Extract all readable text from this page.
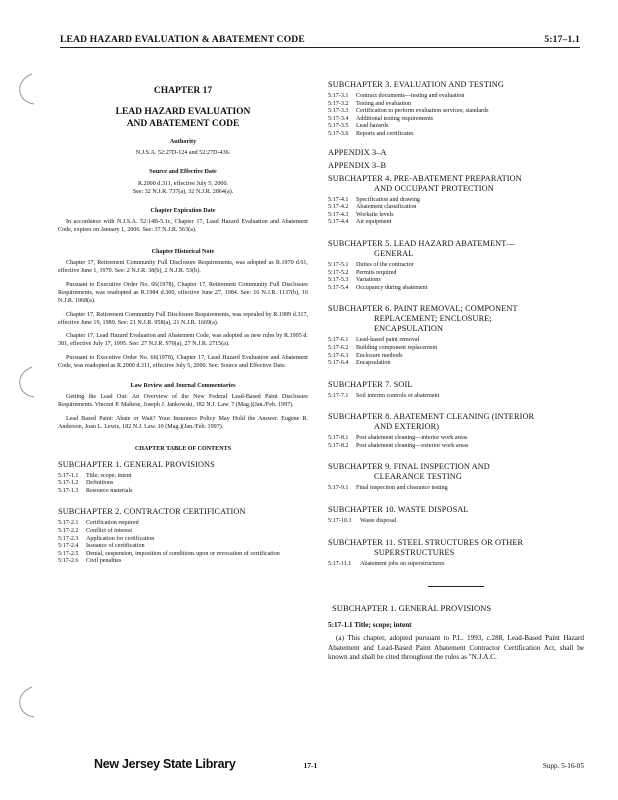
LEAD HAZARD EVALUATION & ABATEMENT CODE	5:17–1.1
CHAPTER 17
LEAD HAZARD EVALUATION
AND ABATEMENT CODE
Authority
N.J.S.A. 52:27D-124 and 52:27D-436.
Source and Effective Date
R.2000 d.311, effective July 5, 2000.
See: 32 N.J.R. 737(a), 32 N.J.R. 2864(a).
Chapter Expiration Date

In accordance with N.J.S.A. 52:14B-5.1c, Chapter 17, Lead Hazard Evaluation and Abatement Code, expires on January 1, 2006. See: 37 N.J.R. 563(a).

Chapter Historical Note

Chapter 17, Retirement Community Full Disclosure Requirements, was adopted as R.1970 d.61, effective June 1, 1970. See: 2 N.J.R. 38(b), 2 N.J.R. 53(b).

Pursuant to Executive Order No. 66(1978), Chapter 17, Retirement Community Full Disclosure Requirements, was readopted as R.1984 d.300, effective June 27, 1984. See: 16 N.J.R. 1137(b), 16 N.J.R. 1968(a).

Chapter 17, Retirement Community Full Disclosure Requirements, was repealed by R.1989 d.317, effective June 19, 1989. See: 21 N.J.R. 958(a), 21 N.J.R. 1669(a).

Chapter 17, Lead Hazard Evaluation and Abatement Code, was adopted as new rules by R.1995 d. 381, effective July 17, 1995. See: 27 N.J.R. 970(a), 27 N.J.R. 2715(a).

Pursuant to Executive Order No. 66(1978), Chapter 17, Lead Hazard Evaluation and Abatement Code, was readopted as R.2000 d.311, effective July 5, 2000. See: Source and Effective Date.

Law Review and Journal Commentaries

Getting the Lead Out: An Overview of the New Federal Lead-Based Paint Disclosure Requirements. Vincent P. Maltese, Joseph J. Jankowski, 182 N.J. Law. 7 (Mag.)(Jan./Feb. 1997).

Lead Based Paint: Abate or Wait? Your Insurance Policy May Hold the Answer. Eugene R. Anderson, Joan L. Lewis, 182 N.J. Law. 10 (Mag.)(Jan./Feb. 1997).

CHAPTER TABLE OF CONTENTS
SUBCHAPTER 1. GENERAL PROVISIONS
5:17-1.1	Title; scope; intent
5:17-1.2	Definitions
5:17-1.3	Resource materials
SUBCHAPTER 2. CONTRACTOR CERTIFICATION
5:17-2.1	Certification required
5:17-2.2	Conflict of interest
5:17-2.3	Application for certification
5:17-2.4	Issuance of certification
5:17-2.5	Denial, suspension, imposition of conditions upon or revocation of certification
5:17-2.6	Civil penalties
SUBCHAPTER 3. EVALUATION AND TESTING
5:17-3.1	Contract documents—testing and evaluation
5:17-3.2	Testing and evaluation
5:17-3.3	Certification to perform evaluation services; standards
5:17-3.4	Additional testing requirements
5:17-3.5	Lead hazards
5:17-3.6	Reports and certificates
APPENDIX 3–A
APPENDIX 3–B
SUBCHAPTER 4. PRE-ABATEMENT PREPARATION
AND OCCUPANT PROTECTION
5:17-4.1	Specification and drawing
5:17-4.2	Abatement classification
5:17-4.3	Worksite levels
5:17-4.4	Air equipment
SUBCHAPTER 5. LEAD HAZARD ABATEMENT—
GENERAL
5:17-5.1	Duties of the contractor
5:17-5.2	Permits required
5:17-5.3	Variations
5:17-5.4	Occupancy during abatement
SUBCHAPTER 6. PAINT REMOVAL; COMPONENT
REPLACEMENT; ENCLOSURE;
ENCAPSULATION
5:17-6.1	Lead-based paint removal
5:17-6.2	Building component replacement
5:17-6.3	Enclosure methods
5:17-6.4	Encapsulation
SUBCHAPTER 7. SOIL
5:17-7.1	Soil interim controls or abatement
SUBCHAPTER 8. ABATEMENT CLEANING (INTERIOR
AND EXTERIOR)
5:17-8.1	Post abatement cleaning—interior work areas
5:17-8.2	Post abatement cleaning—exterior work areas
SUBCHAPTER 9. FINAL INSPECTION AND
CLEARANCE TESTING
5:17-9.1	Final inspection and clearance testing
SUBCHAPTER 10. WASTE DISPOSAL
5:17-10.1	Waste disposal
SUBCHAPTER 11. STEEL STRUCTURES OR OTHER
SUPERSTRUCTURES
5:17-11.1	Abatement jobs on superstructures
SUBCHAPTER 1. GENERAL PROVISIONS
5:17-1.1 Title; scope; intent

(a) This chapter, adopted pursuant to P.L. 1993, c.288, Lead-Based Paint Hazard Abatement and Lead-Based Paint Abatement Contractor Certification Act, shall be known and shall be cited throughout the rules as "N.J.A.C.

New Jersey State Library	17-1	Supp. 5-16-05
